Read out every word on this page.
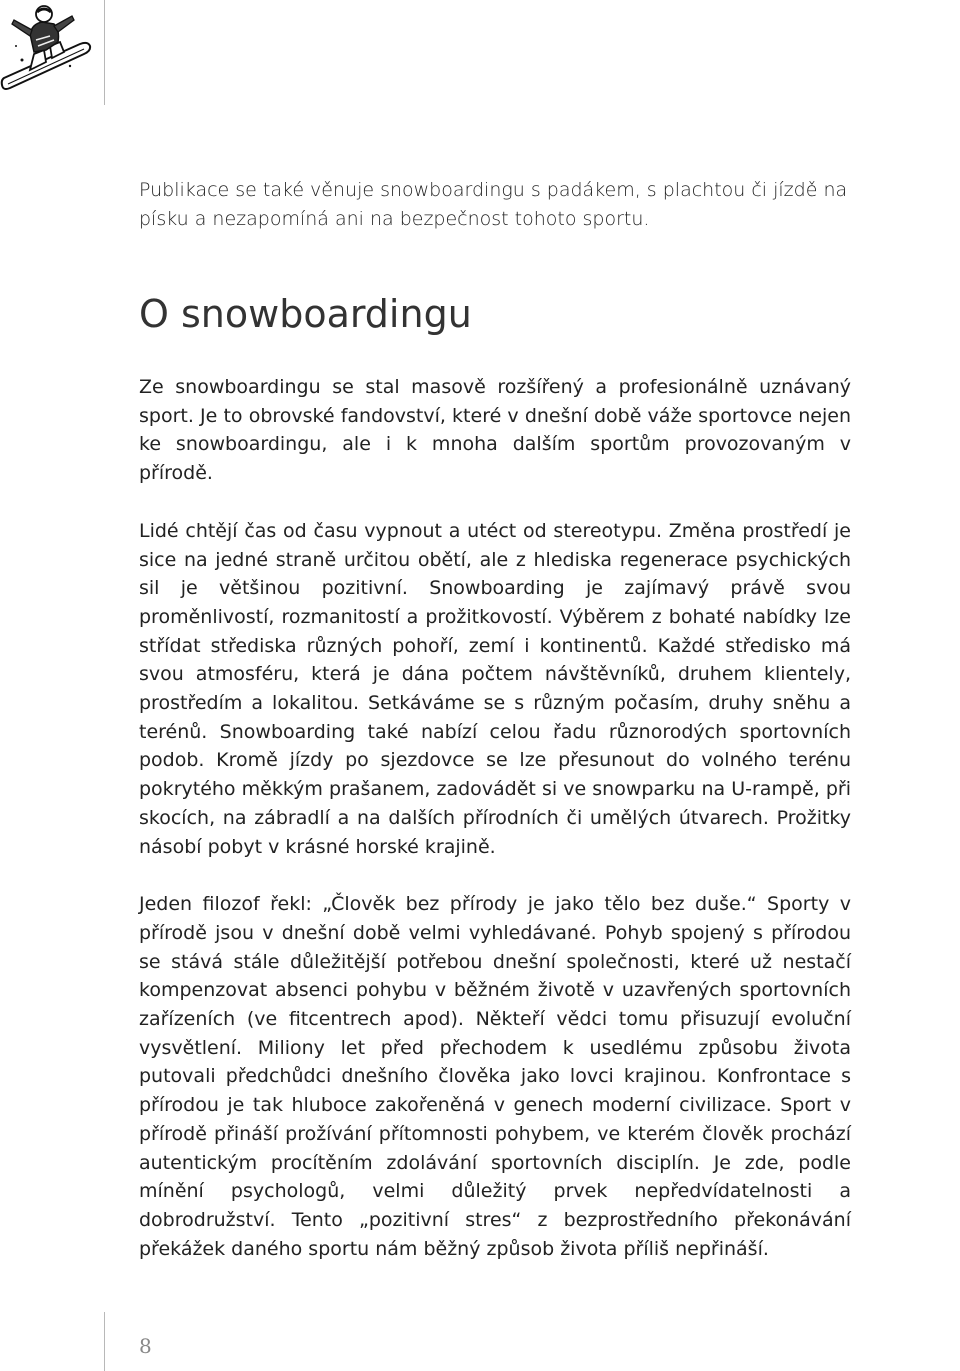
Publikace se také věnuje snowboardingu s padákem, s plachtou či jízdě na písku a nezapomíná ani na bezpečnost tohoto sportu.

O snowboardingu

Ze snowboardingu se stal masově rozšířený a profesionálně uznávaný sport. Je to obrovské fandovství, které v dnešní době váže sportovce nejen ke snowboardingu, ale i k mnoha dalším sportům provozovaným v přírodě.

Lidé chtějí čas od času vypnout a utéct od stereotypu. Změna prostředí je sice na jedné straně určitou obětí, ale z hlediska regenerace psychických sil je většinou pozitivní. Snowboarding je zajímavý právě svou proměnlivostí, rozmanitostí a prožitkovostí. Výběrem z bohaté nabídky lze střídat střediska různých pohoří, zemí i kontinentů. Každé středisko má svou atmosféru, která je dána počtem návštěvníků, druhem klientely, prostředím a lokalitou. Setkáváme se s různým počasím, druhy sněhu a terénů. Snowboarding také nabízí celou řadu různorodých sportovních podob. Kromě jízdy po sjezdovce se lze přesunout do volného terénu pokrytého měkkým prašanem, zadovádět si ve snowparku na U-rampě, při skocích, na zábradlí a na dalších přírodních či umělých útvarech. Prožitky násobí pobyt v krásné horské krajině.

Jeden filozof řekl: „Člověk bez přírody je jako tělo bez duše.“ Sporty v přírodě jsou v dnešní době velmi vyhledávané. Pohyb spojený s přírodou se stává stále důležitější potřebou dnešní společnosti, které už nestačí kompenzovat absenci pohybu v běžném životě v uzavřených sportovních zařízeních (ve fitcentrech apod). Někteří vědci tomu přisuzují evoluční vysvětlení. Miliony let před přechodem k usedlému způsobu života putovali předchůdci dnešního člověka jako lovci krajinou. Konfrontace s přírodou je tak hluboce zakořeněná v genech moderní civilizace. Sport v přírodě přináší prožívání přítomnosti pohybem, ve kterém člověk prochází autentickým procítěním zdolávání sportovních disciplín. Je zde, podle mínění psychologů, velmi důležitý prvek nepředvídatelnosti a dobrodružství. Tento „pozitivní stres“ z bezprostředního překonávání překážek daného sportu nám běžný způsob života příliš nepřináší.

8
